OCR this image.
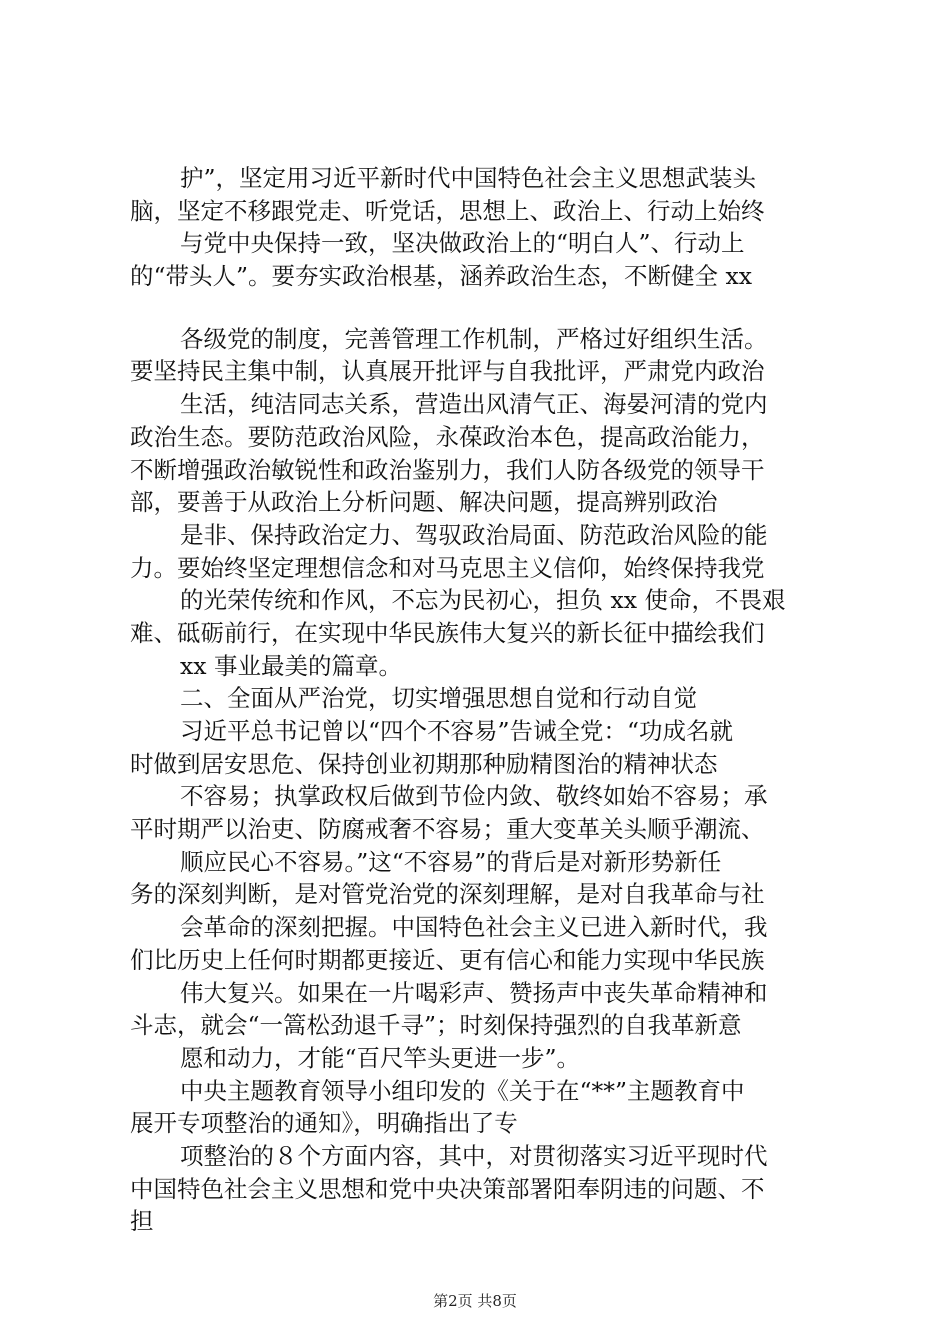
护”，坚定用习近平新时代中国特色社会主义思想武装头
脑，坚定不移跟党走、听党话，思想上、政治上、行动上始终
与党中央保持一致，坚决做政治上的“明白人”、行动上
的“带头人”。要夯实政治根基，涵养政治生态，不断健全 xx
各级党的制度，完善管理工作机制，严格过好组织生活。
要坚持民主集中制，认真展开批评与自我批评，严肃党内政治
生活，纯洁同志关系，营造出风清气正、海晏河清的党内
政治生态。要防范政治风险，永葆政治本色，提高政治能力，
不断增强政治敏锐性和政治鉴别力，我们人防各级党的领导干
部，要善于从政治上分析问题、解决问题，提高辨别政治
是非、保持政治定力、驾驭政治局面、防范政治风险的能
力。要始终坚定理想信念和对马克思主义信仰，始终保持我党
的光荣传统和作风，不忘为民初心，担负 xx 使命，不畏艰
难、砥砺前行，在实现中华民族伟大复兴的新长征中描绘我们
xx 事业最美的篇章。
二、全面从严治党，切实增强思想自觉和行动自觉
习近平总书记曾以“四个不容易”告诫全党：“功成名就
时做到居安思危、保持创业初期那种励精图治的精神状态
不容易；执掌政权后做到节俭内敛、敬终如始不容易；承
平时期严以治吏、防腐戒奢不容易；重大变革关头顺乎潮流、
顺应民心不容易。”这“不容易”的背后是对新形势新任
务的深刻判断，是对管党治党的深刻理解，是对自我革命与社
会革命的深刻把握。中国特色社会主义已进入新时代，我
们比历史上任何时期都更接近、更有信心和能力实现中华民族
伟大复兴。如果在一片喝彩声、赞扬声中丧失革命精神和
斗志，就会“一篙松劲退千寻”；时刻保持强烈的自我革新意
愿和动力，才能“百尺竿头更进一步”。
中央主题教育领导小组印发的《关于在“**”主题教育中
展开专项整治的通知》，明确指出了专
项整治的８个方面内容，其中，对贯彻落实习近平现时代
中国特色社会主义思想和党中央决策部署阳奉阴违的问题、不
担
第2页 共8页
